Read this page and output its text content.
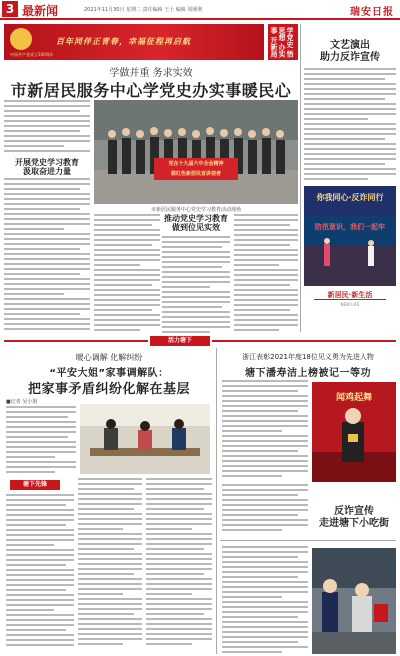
3 最新闻	2021年11月30日 星期二 责任编辑 王士 编辑 周刚利	瑞安日报
百年同伴正青春，幸福征程再启航
中国共产党成立100周年	学党史 悟思想 办实事 开新局
学做并重 务求实效
市新居民服务中心学党史办实事暖民心
开展党史学习教育
汲取奋进力量
党在十九届六中全会精神
做红色新居民宣讲使者
市新居民服务中心党史学习教育活动现场
推动党史学习教育
做到位见实效
文艺演出
助力反诈宣传
你我同心·反诈同行
防范意识，我们一起牢
新居民·新生活
NEW LIFE
活力塘下
暖心调解 化解纠纷
“平安大姐”家事调解队：
把家事矛盾纠纷化解在基层
■记者 吴小姐
塘下先锋
浙江表彰2021年度18位见义勇为先进人物
塘下潘寿洁上榜被记一等功
闻鸡起舞
反诈宣传
走进塘下小吃街
